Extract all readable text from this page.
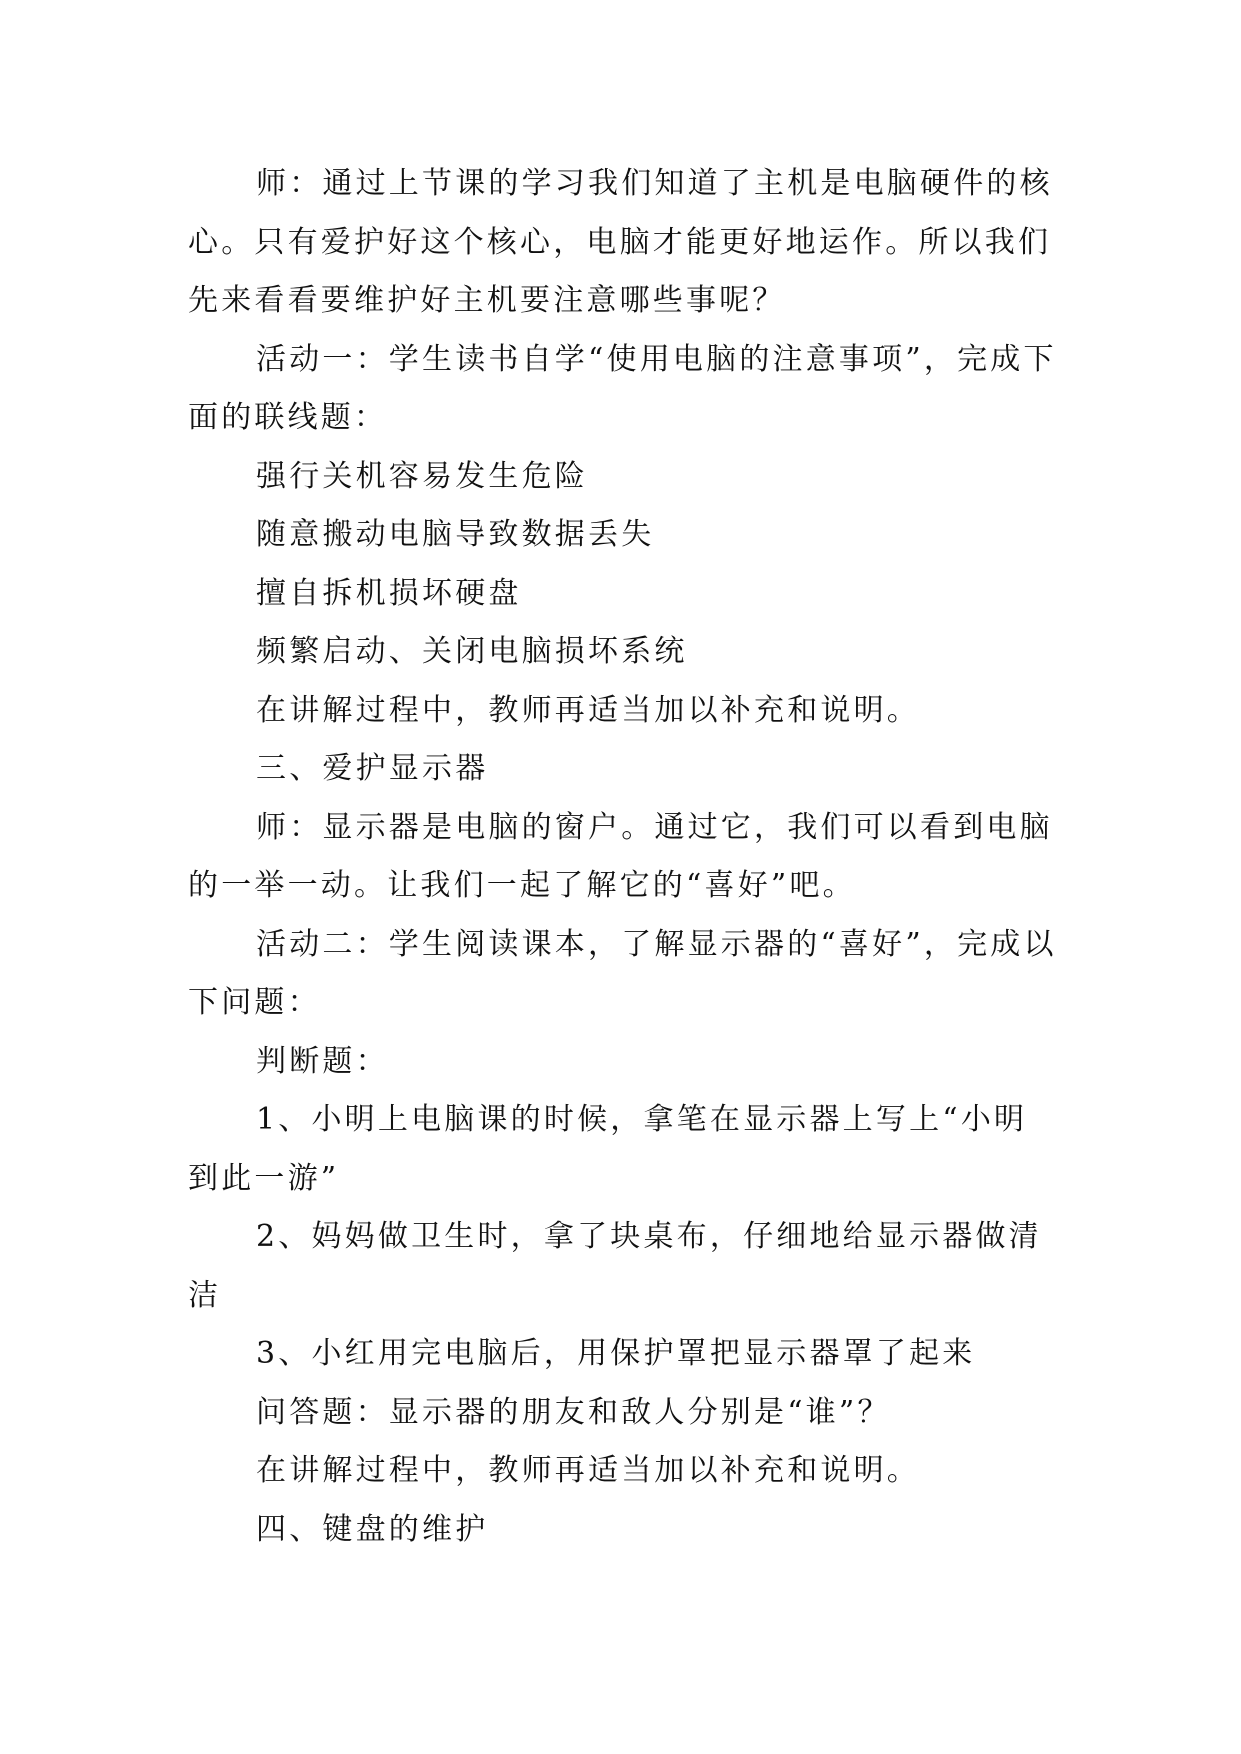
师：通过上节课的学习我们知道了主机是电脑硬件的核心。只有爱护好这个核心，电脑才能更好地运作。所以我们先来看看要维护好主机要注意哪些事呢？

活动一：学生读书自学“使用电脑的注意事项”，完成下面的联线题：

强行关机容易发生危险

随意搬动电脑导致数据丢失

擅自拆机损坏硬盘

频繁启动、关闭电脑损坏系统

在讲解过程中，教师再适当加以补充和说明。

三、爱护显示器

师：显示器是电脑的窗户。通过它，我们可以看到电脑的一举一动。让我们一起了解它的“喜好”吧。

活动二：学生阅读课本，了解显示器的“喜好”，完成以下问题：

判断题：

1、小明上电脑课的时候，拿笔在显示器上写上“小明到此一游”

2、妈妈做卫生时，拿了块桌布，仔细地给显示器做清洁

3、小红用完电脑后，用保护罩把显示器罩了起来

问答题：显示器的朋友和敌人分别是“谁”？

在讲解过程中，教师再适当加以补充和说明。

四、键盘的维护
